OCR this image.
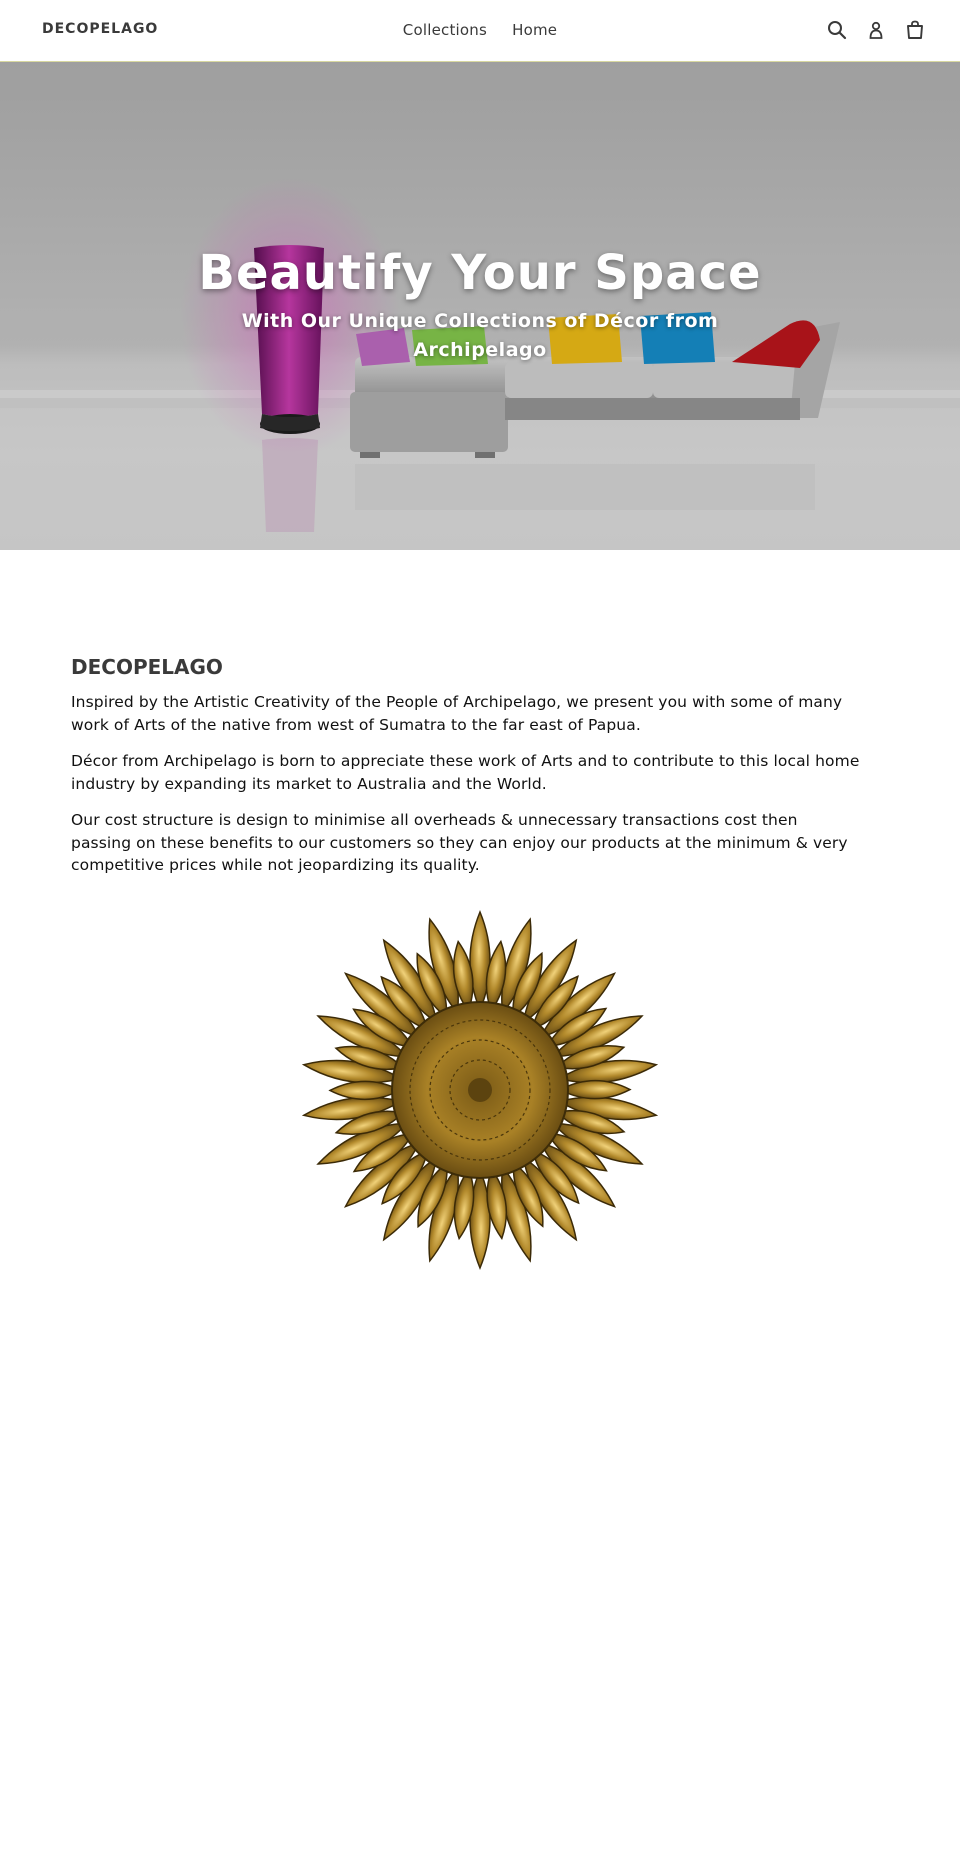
DECOPELAGO	Collections Home

Beautify Your Space
With Our Unique Collections of Décor from Archipelago
DECOPELAGO

Inspired by the Artistic Creativity of the People of Archipelago, we present you with some of many work of Arts of the native from west of Sumatra to the far east of Papua.

Décor from Archipelago is born to appreciate these work of Arts and to contribute to this local home industry by expanding its market to Australia and the World.

Our cost structure is design to minimise all overheads & unnecessary transactions cost then passing on these benefits to our customers so they can enjoy our products at the minimum & very competitive prices while not jeopardizing its quality.
